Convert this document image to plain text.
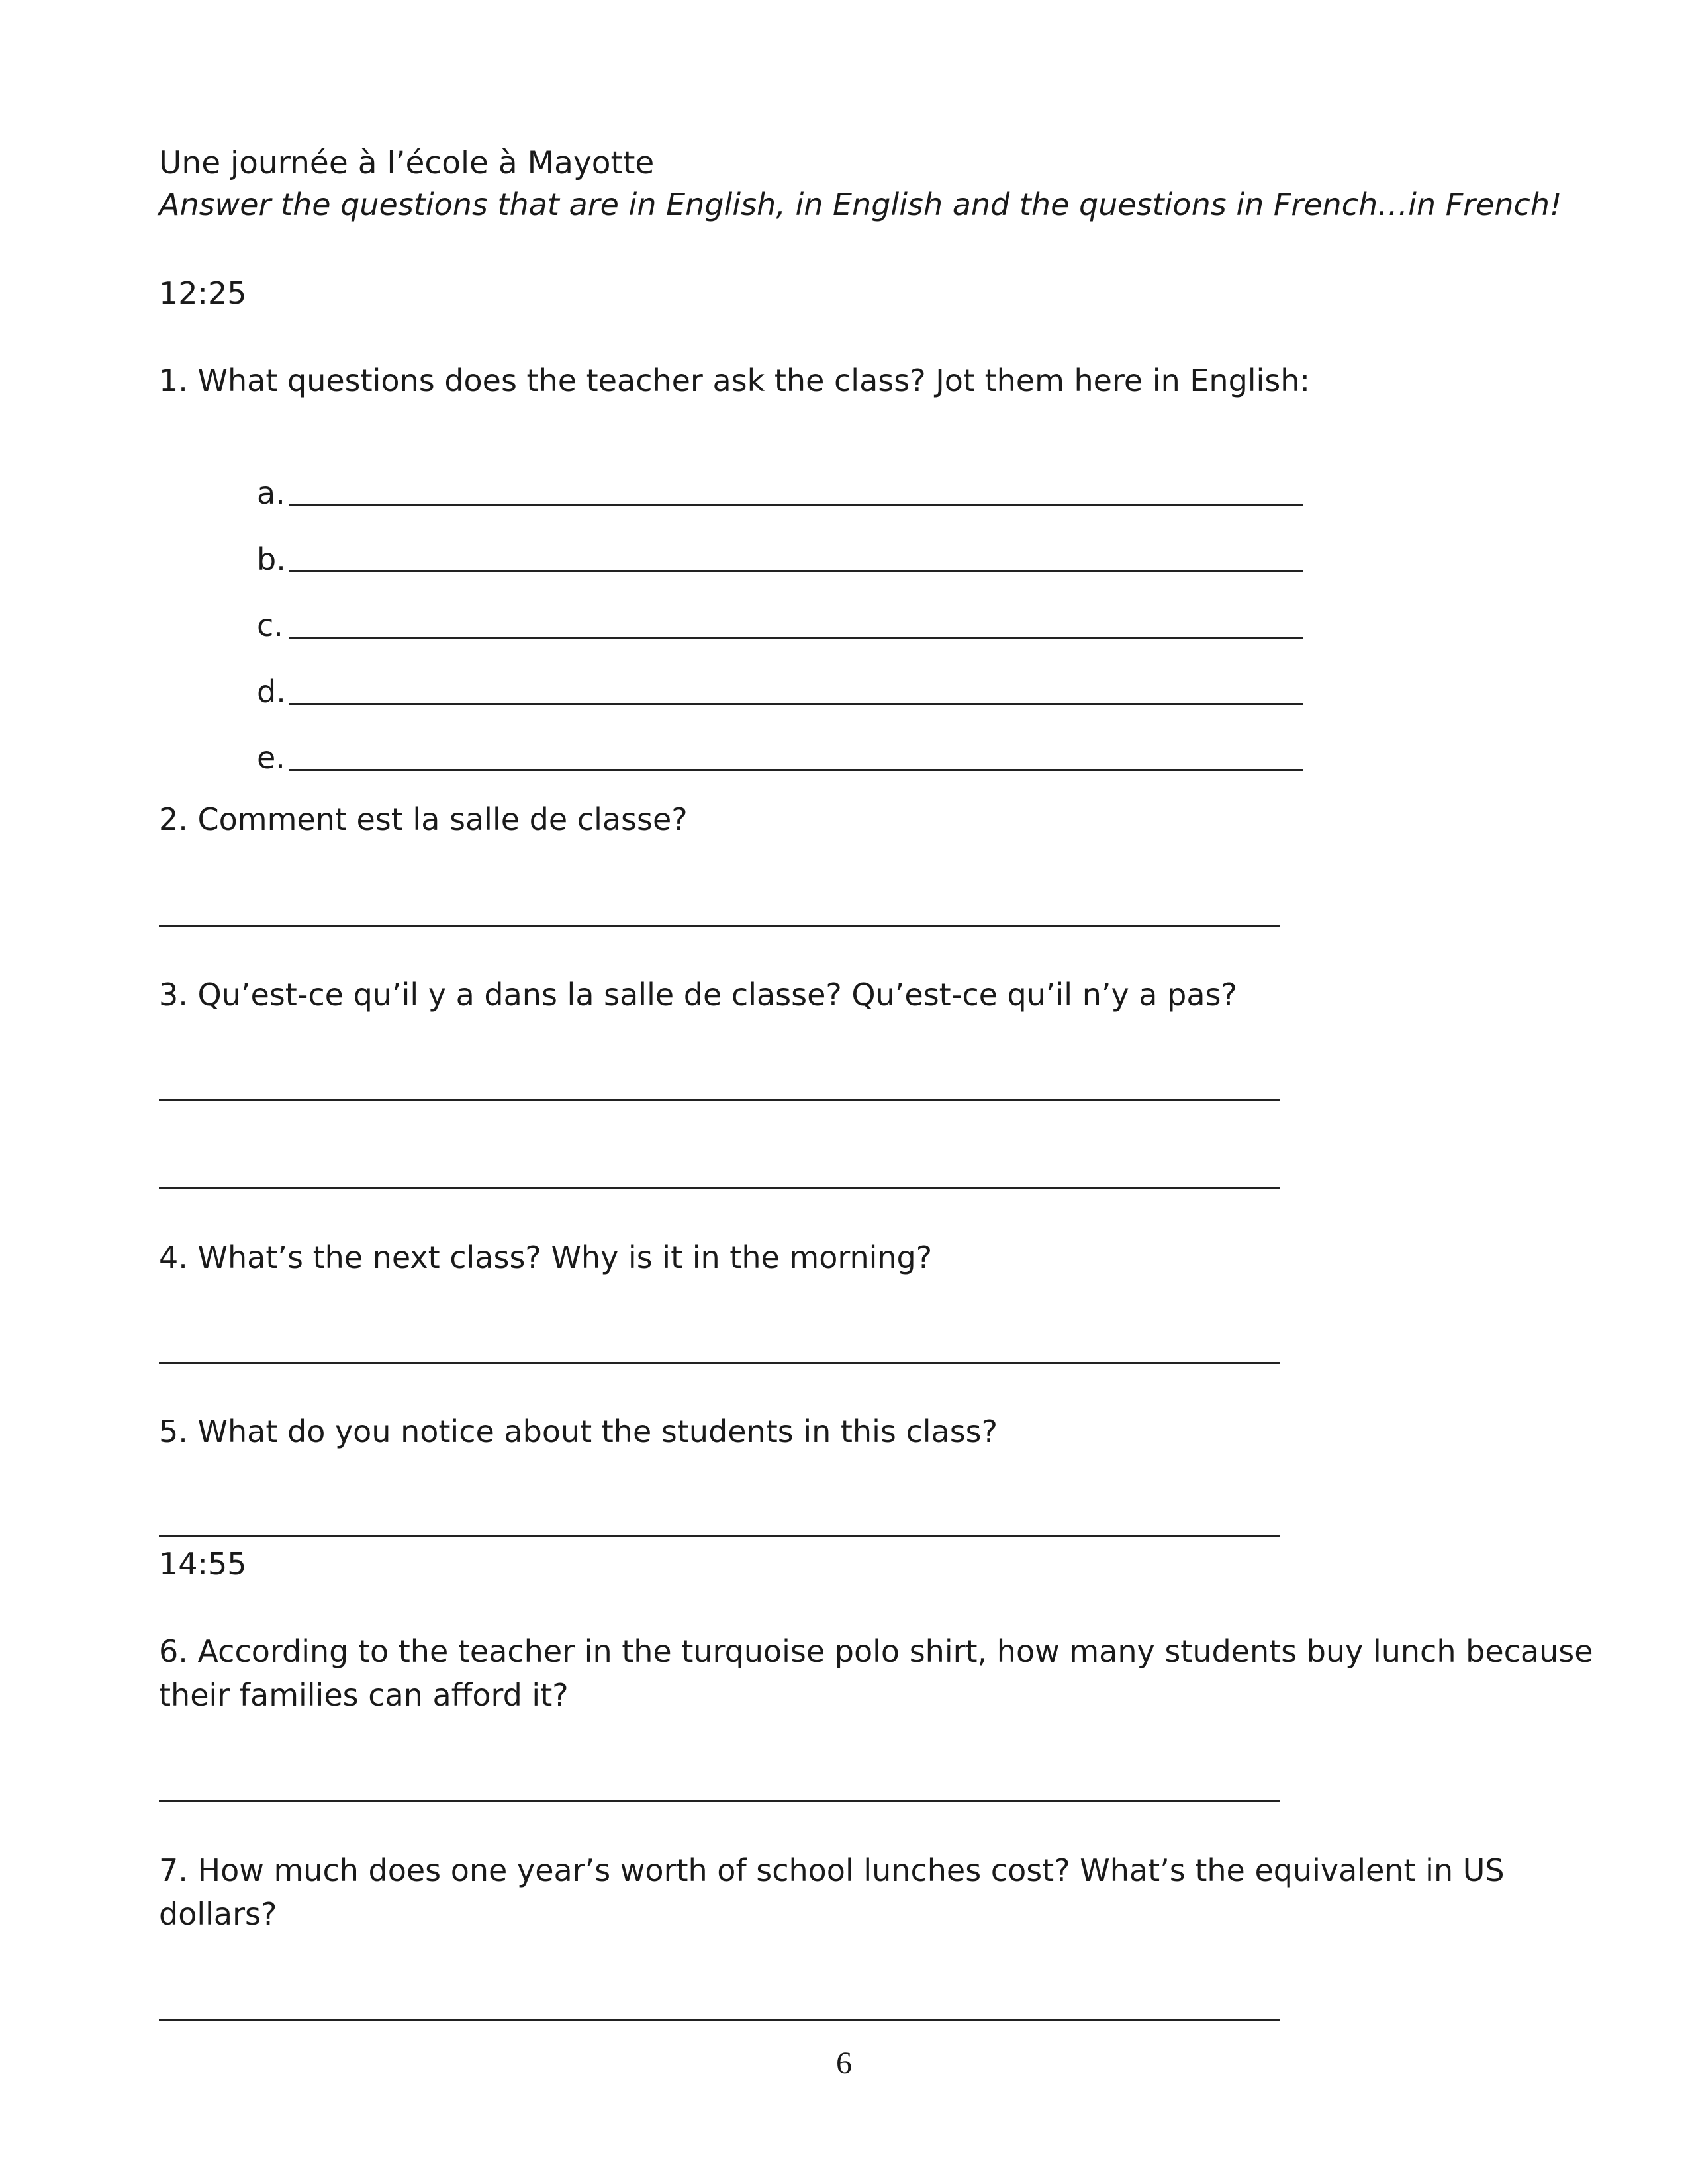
Une journée à l’école à Mayotte
Answer the questions that are in English, in English and the questions in French…in French!
12:25
1. What questions does the teacher ask the class? Jot them here in English:
a.
b.
c.
d.
e.
2. Comment est la salle de classe?
3. Qu’est-ce qu’il y a dans la salle de classe? Qu’est-ce qu’il n’y a pas?
4. What’s the next class? Why is it in the morning?
5. What do you notice about the students in this class?
14:55
6. According to the teacher in the turquoise polo shirt, how many students buy lunch because
their families can afford it?
7. How much does one year’s worth of school lunches cost? What’s the equivalent in US
dollars?
6
